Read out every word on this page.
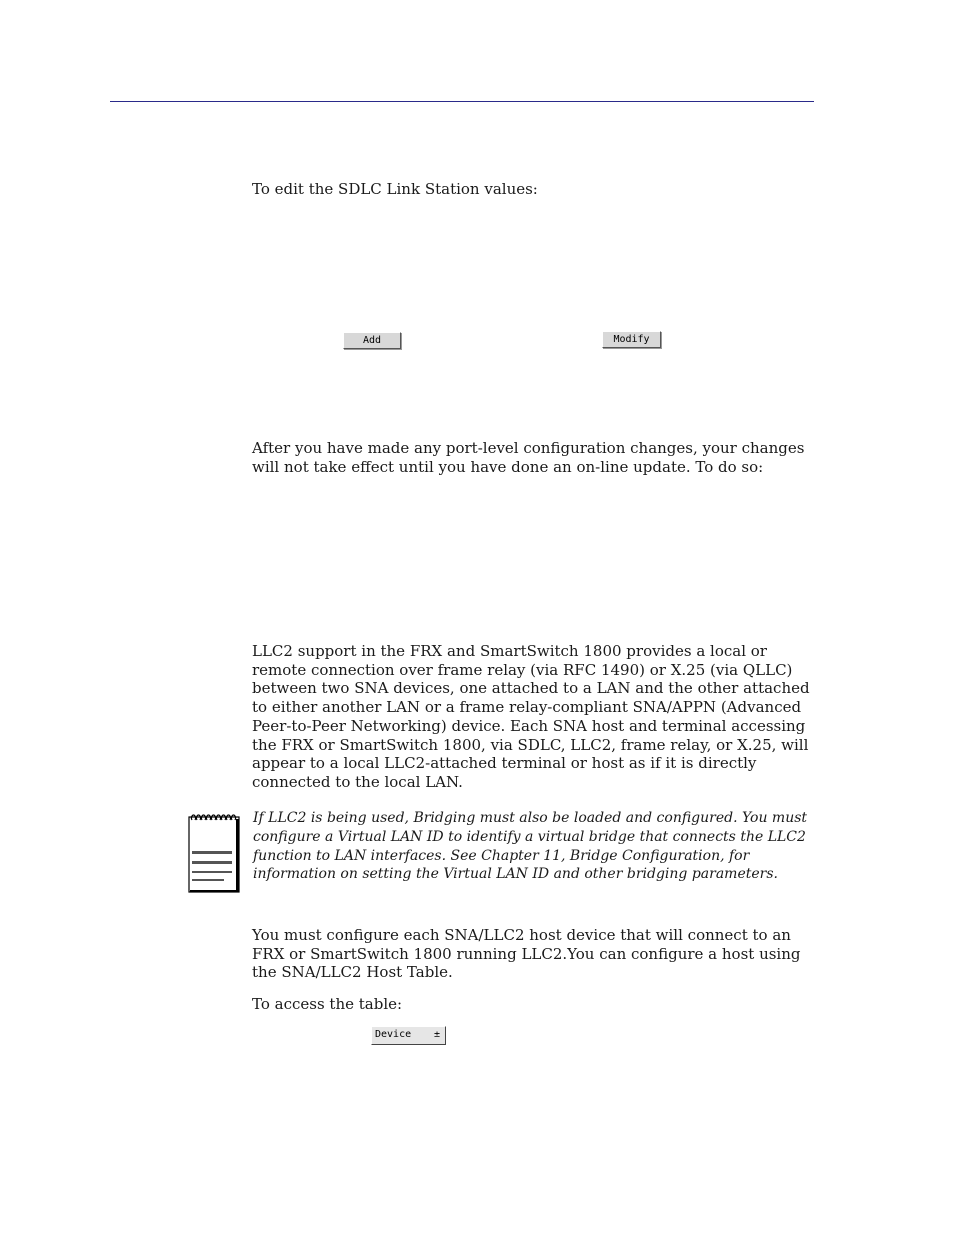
To edit the SDLC Link Station values:

Add	Modify

After you have made any port-level configuration changes, your changes will not take effect until you have done an on-line update. To do so:

LLC2 support in the FRX and SmartSwitch 1800 provides a local or remote connection over frame relay (via RFC 1490) or X.25 (via QLLC) between two SNA devices, one attached to a LAN and the other attached to either another LAN or a frame relay-compliant SNA/APPN (Advanced Peer-to-Peer Networking) device. Each SNA host and terminal accessing the FRX or SmartSwitch 1800, via SDLC, LLC2, frame relay, or X.25, will appear to a local LLC2-attached terminal or host as if it is directly connected to the local LAN.

If LLC2 is being used, Bridging must also be loaded and configured. You must configure a Virtual LAN ID to identify a virtual bridge that connects the LLC2 function to LAN interfaces. See Chapter 11, Bridge Configuration, for information on setting the Virtual LAN ID and other bridging parameters.

You must configure each SNA/LLC2 host device that will connect to an FRX or SmartSwitch 1800 running LLC2.You can configure a host using the SNA/LLC2 Host Table.

To access the table:

Device ±
